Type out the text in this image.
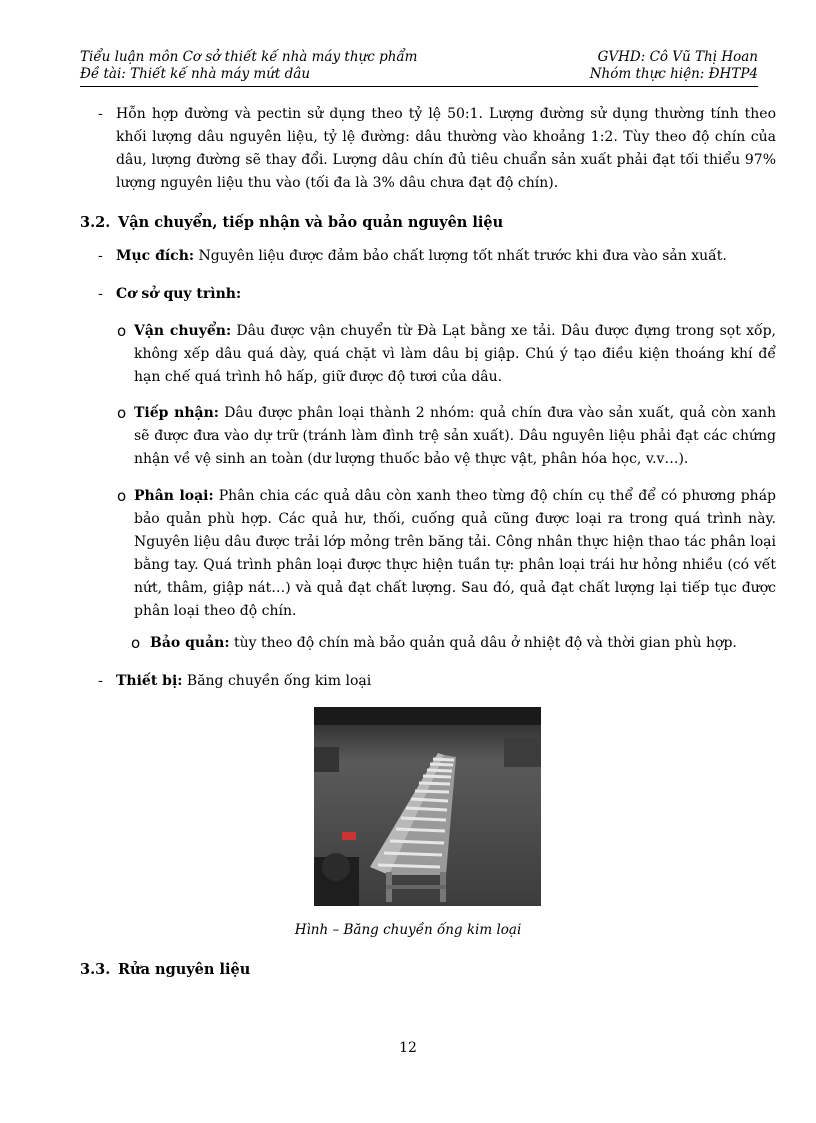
Tiểu luận môn Cơ sở thiết kế nhà máy thực phẩm	GVHD: Cô Vũ Thị Hoan
Đề tài: Thiết kế nhà máy mứt dâu	Nhóm thực hiện: ĐHTP4
- Hỗn hợp đường và pectin sử dụng theo tỷ lệ 50:1. Lượng đường sử dụng thường tính theo khối lượng dâu nguyên liệu, tỷ lệ đường: dâu thường vào khoảng 1:2. Tùy theo độ chín của dâu, lượng đường sẽ thay đổi. Lượng dâu chín đủ tiêu chuẩn sản xuất phải đạt tối thiểu 97% lượng nguyên liệu thu vào (tối đa là 3% dâu chưa đạt độ chín).
3.2. Vận chuyển, tiếp nhận và bảo quản nguyên liệu
- Mục đích: Nguyên liệu được đảm bảo chất lượng tốt nhất trước khi đưa vào sản xuất.
- Cơ sở quy trình:
o Vận chuyển: Dâu được vận chuyển từ Đà Lạt bằng xe tải. Dâu được đựng trong sọt xốp, không xếp dâu quá dày, quá chặt vì làm dâu bị giập. Chú ý tạo điều kiện thoáng khí để hạn chế quá trình hô hấp, giữ được độ tươi của dâu.
o Tiếp nhận: Dâu được phân loại thành 2 nhóm: quả chín đưa vào sản xuất, quả còn xanh sẽ được đưa vào dự trữ (tránh làm đình trệ sản xuất). Dâu nguyên liệu phải đạt các chứng nhận về vệ sinh an toàn (dư lượng thuốc bảo vệ thực vật, phân hóa học, v.v…).
o Phân loại: Phân chia các quả dâu còn xanh theo từng độ chín cụ thể để có phương pháp bảo quản phù hợp. Các quả hư, thối, cuống quả cũng được loại ra trong quá trình này. Nguyên liệu dâu được trải lớp mỏng trên băng tải. Công nhân thực hiện thao tác phân loại bằng tay. Quá trình phân loại được thực hiện tuần tự: phân loại trái hư hỏng nhiều (có vết nứt, thâm, giập nát…) và quả đạt chất lượng. Sau đó, quả đạt chất lượng lại tiếp tục được phân loại theo độ chín.
o Bảo quản: tùy theo độ chín mà bảo quản quả dâu ở nhiệt độ và thời gian phù hợp.
- Thiết bị: Băng chuyền ống kim loại
Hình – Băng chuyền ống kim loại
3.3. Rửa nguyên liệu
12
